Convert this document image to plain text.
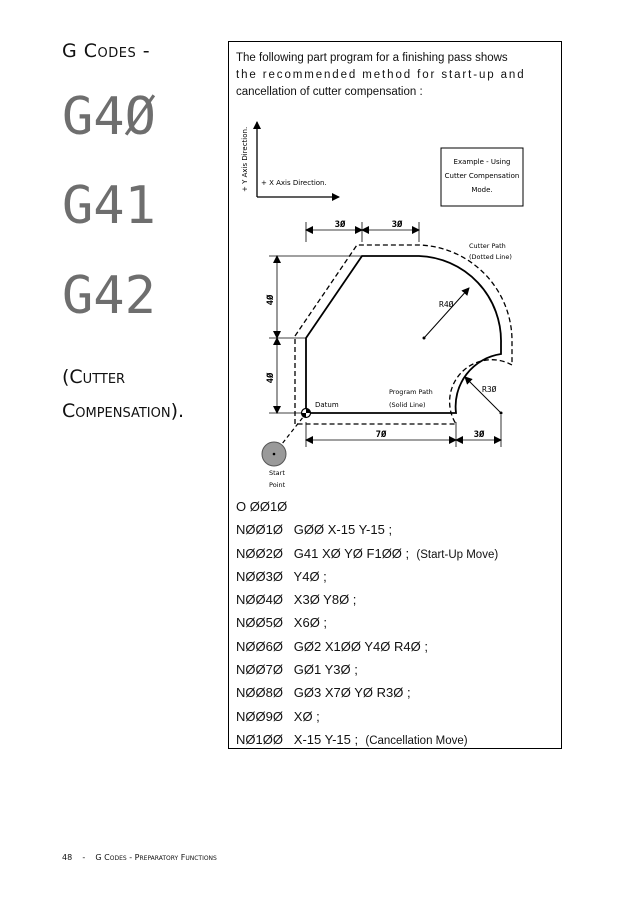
G Codes -

G4Ø

G41

G42

(Cutter
Compensation).
The following part program for a finishing pass shows
the recommended method for start-up and
cancellation of cutter compensation :
+ Y Axis Direction. + X Axis Direction.
Example - Using
Cutter Compensation
Mode.
3Ø	3Ø
4Ø
4Ø
7Ø	3Ø
R4Ø
R3Ø
Cutter Path
(Dotted Line)
Program Path
(Solid Line)
Datum
Start
Point
O ØØ1Ø
NØØ1Ø   GØØ X-15 Y-15 ;
NØØ2Ø   G41 XØ YØ F1ØØ ; (Start-Up Move)
NØØ3Ø   Y4Ø ;
NØØ4Ø   X3Ø Y8Ø ;
NØØ5Ø   X6Ø ;
NØØ6Ø   GØ2 X1ØØ Y4Ø R4Ø ;
NØØ7Ø   GØ1 Y3Ø ;
NØØ8Ø   GØ3 X7Ø YØ R3Ø ;
NØØ9Ø   XØ ;
NØ1ØØ   X-15 Y-15 ; (Cancellation Move)
48 - G Codes - Preparatory Functions
